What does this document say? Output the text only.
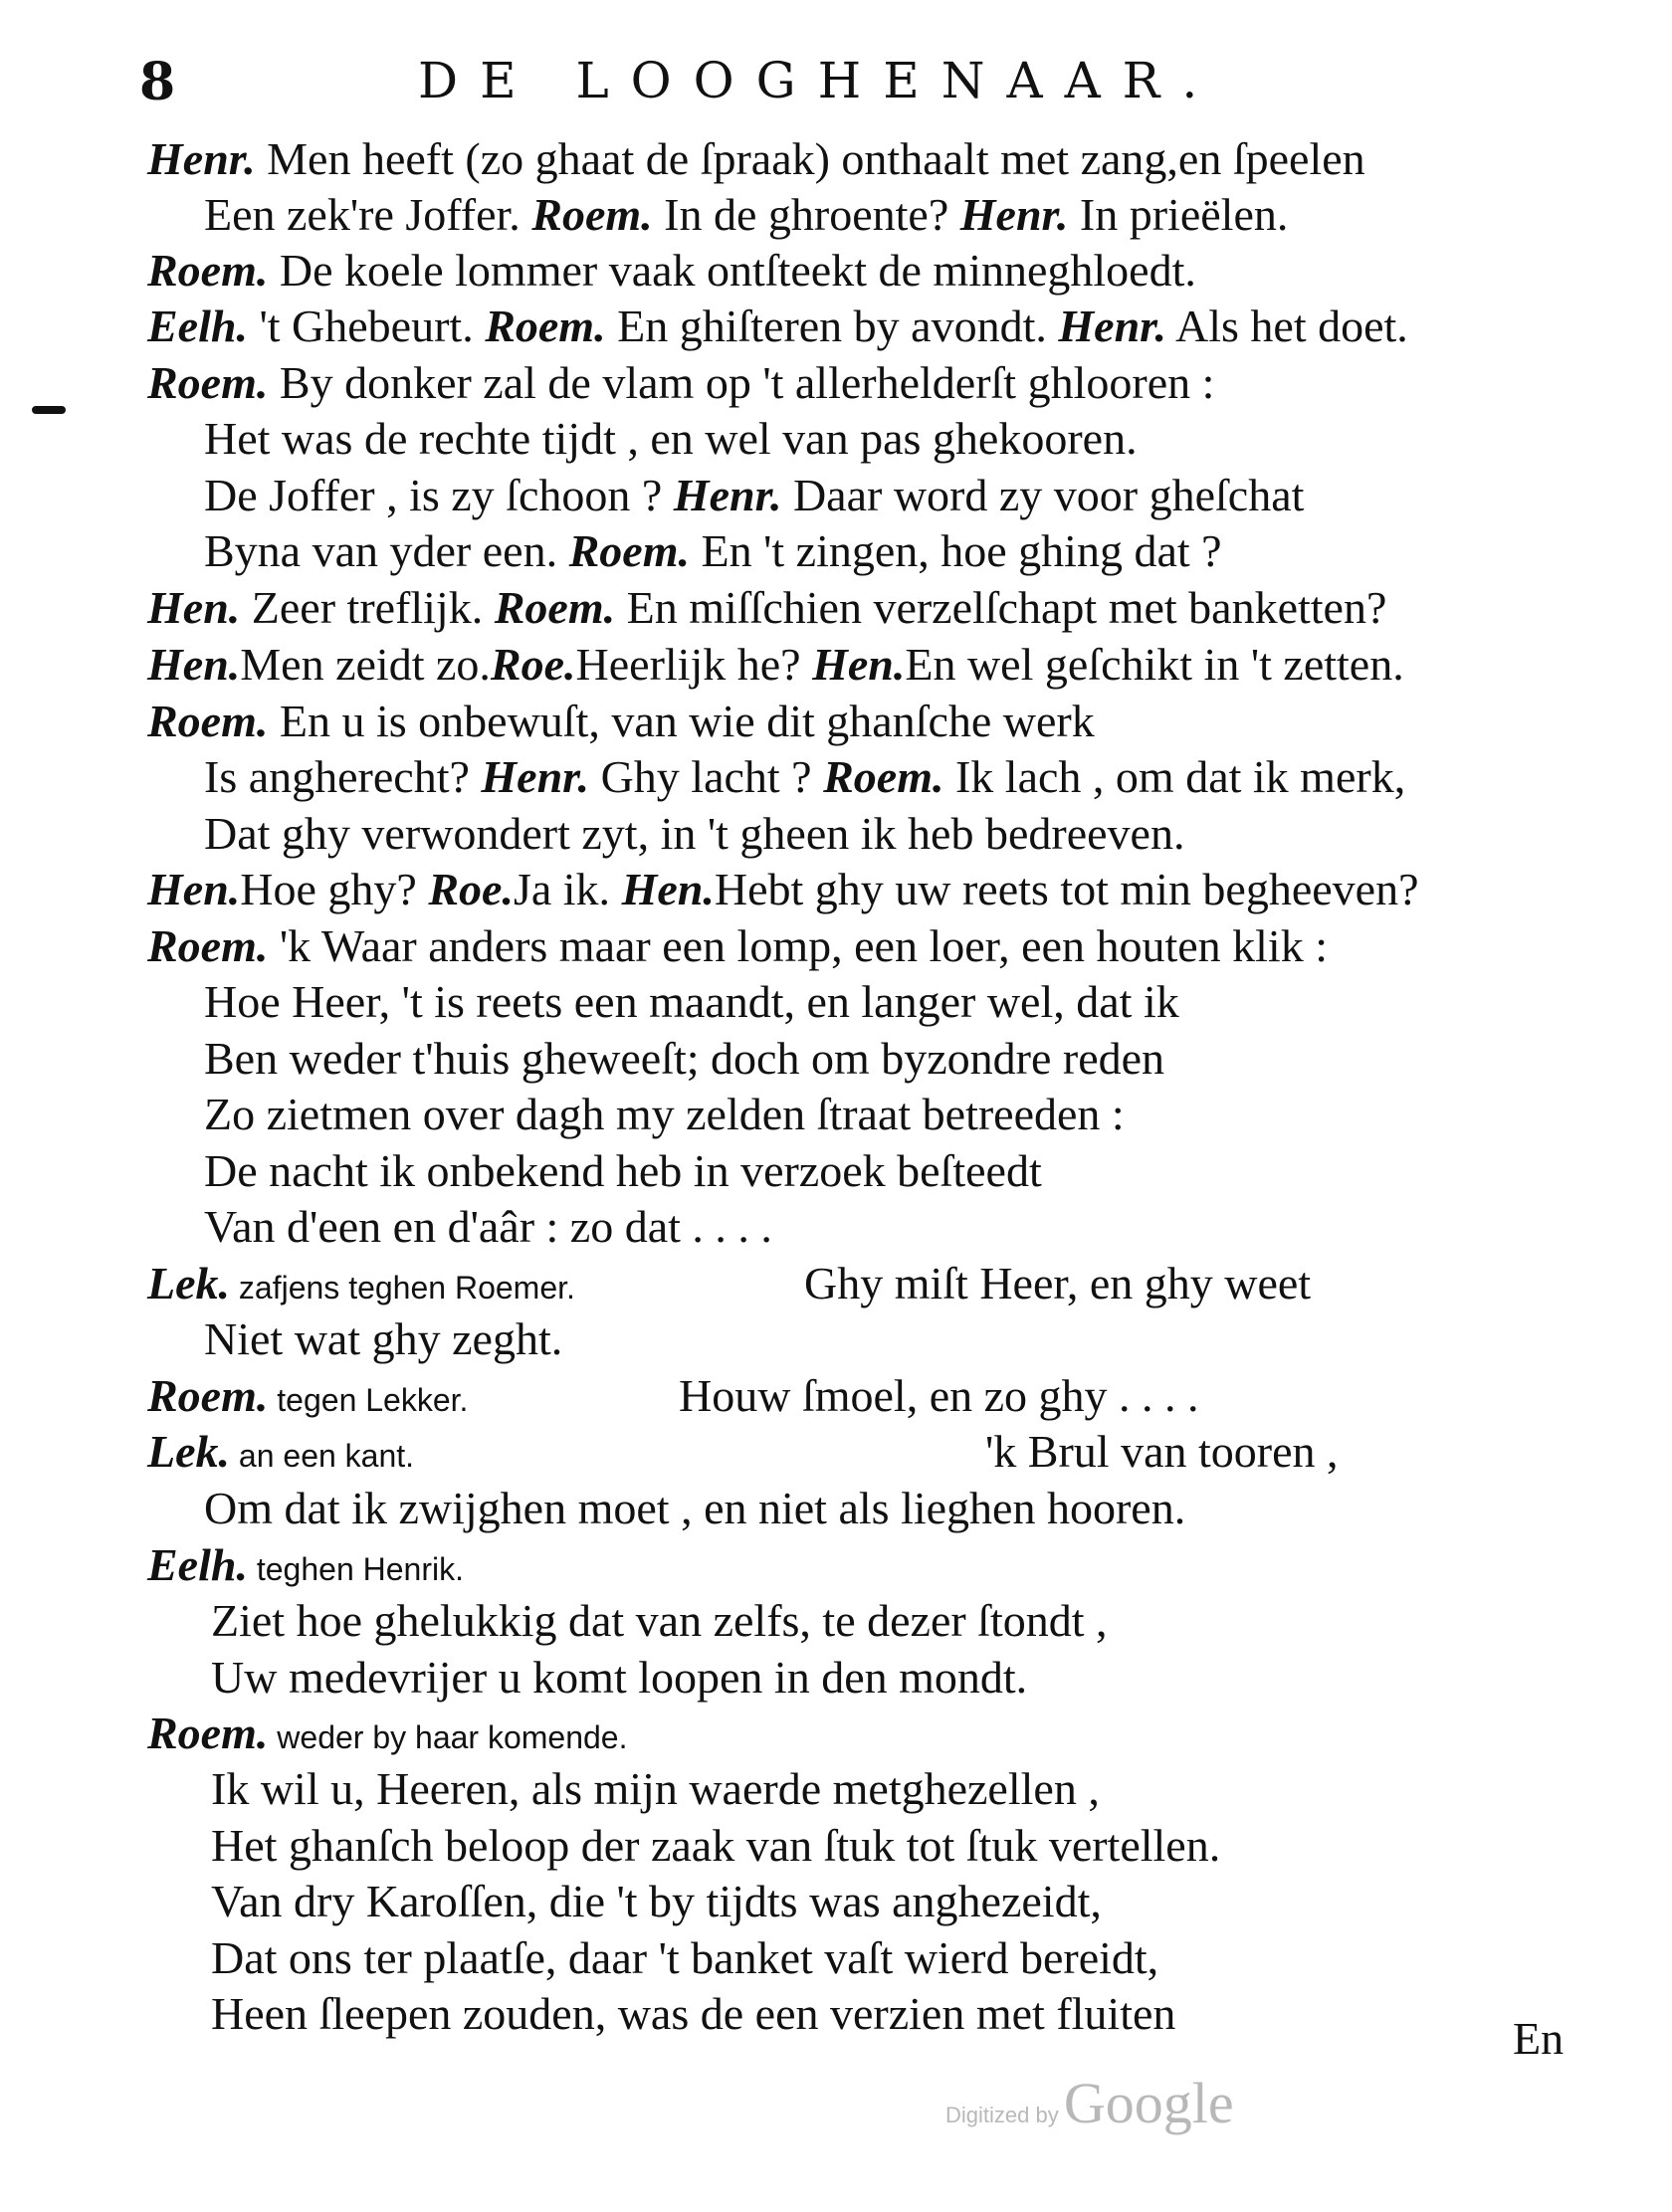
8	DE LOOGHENAAR.
Henr. Men heeft (zo ghaat de ſpraak) onthaalt met zang,en ſpeelen
Een zek're Joffer. Roem. In de ghroente? Henr. In prieëlen.
Roem. De koele lommer vaak ontſteekt de minneghloedt.
Eelh. 't Ghebeurt. Roem. En ghiſteren by avondt. Henr. Als het doet.
Roem. By donker zal de vlam op 't allerhelderſt ghlooren :
Het was de rechte tijdt , en wel van pas ghekooren.
De Joffer , is zy ſchoon ? Henr. Daar word zy voor gheſchat
Byna van yder een. Roem. En 't zingen, hoe ghing dat ?
Hen. Zeer treflijk. Roem. En miſſchien verzelſchapt met banketten?
Hen.Men zeidt zo.Roe.Heerlijk he? Hen.En wel geſchikt in 't zetten.
Roem. En u is onbewuſt, van wie dit ghanſche werk
Is angherecht? Henr. Ghy lacht ? Roem. Ik lach , om dat ik merk,
Dat ghy verwondert zyt, in 't gheen ik heb bedreeven.
Hen.Hoe ghy? Roe.Ja ik. Hen.Hebt ghy uw reets tot min begheeven?
Roem. 'k Waar anders maar een lomp, een loer, een houten klik :
Hoe Heer, 't is reets een maandt, en langer wel, dat ik
Ben weder t'huis gheweeſt; doch om byzondre reden
Zo zietmen over dagh my zelden ſtraat betreeden :
De nacht ik onbekend heb in verzoek beſteedt
Van d'een en d'aâr : zo dat . . . .
Lek. zafjens teghen Roemer.	Ghy miſt Heer, en ghy weet
Niet wat ghy zeght.
Roem. tegen Lekker.	Houw ſmoel, en zo ghy . . . .
Lek. an een kant.	'k Brul van tooren ,
Om dat ik zwijghen moet , en niet als lieghen hooren.
Eelh. teghen Henrik.
Ziet hoe ghelukkig dat van zelfs, te dezer ſtondt ,
Uw medevrijer u komt loopen in den mondt.
Roem. weder by haar komende.
Ik wil u, Heeren, als mijn waerde metghezellen ,
Het ghanſch beloop der zaak van ſtuk tot ſtuk vertellen.
Van dry Karoſſen, die 't by tijdts was anghezeidt,
Dat ons ter plaatſe, daar 't banket vaſt wierd bereidt,
Heen ſleepen zouden, was de een verzien met fluiten	En
Digitized by Google
